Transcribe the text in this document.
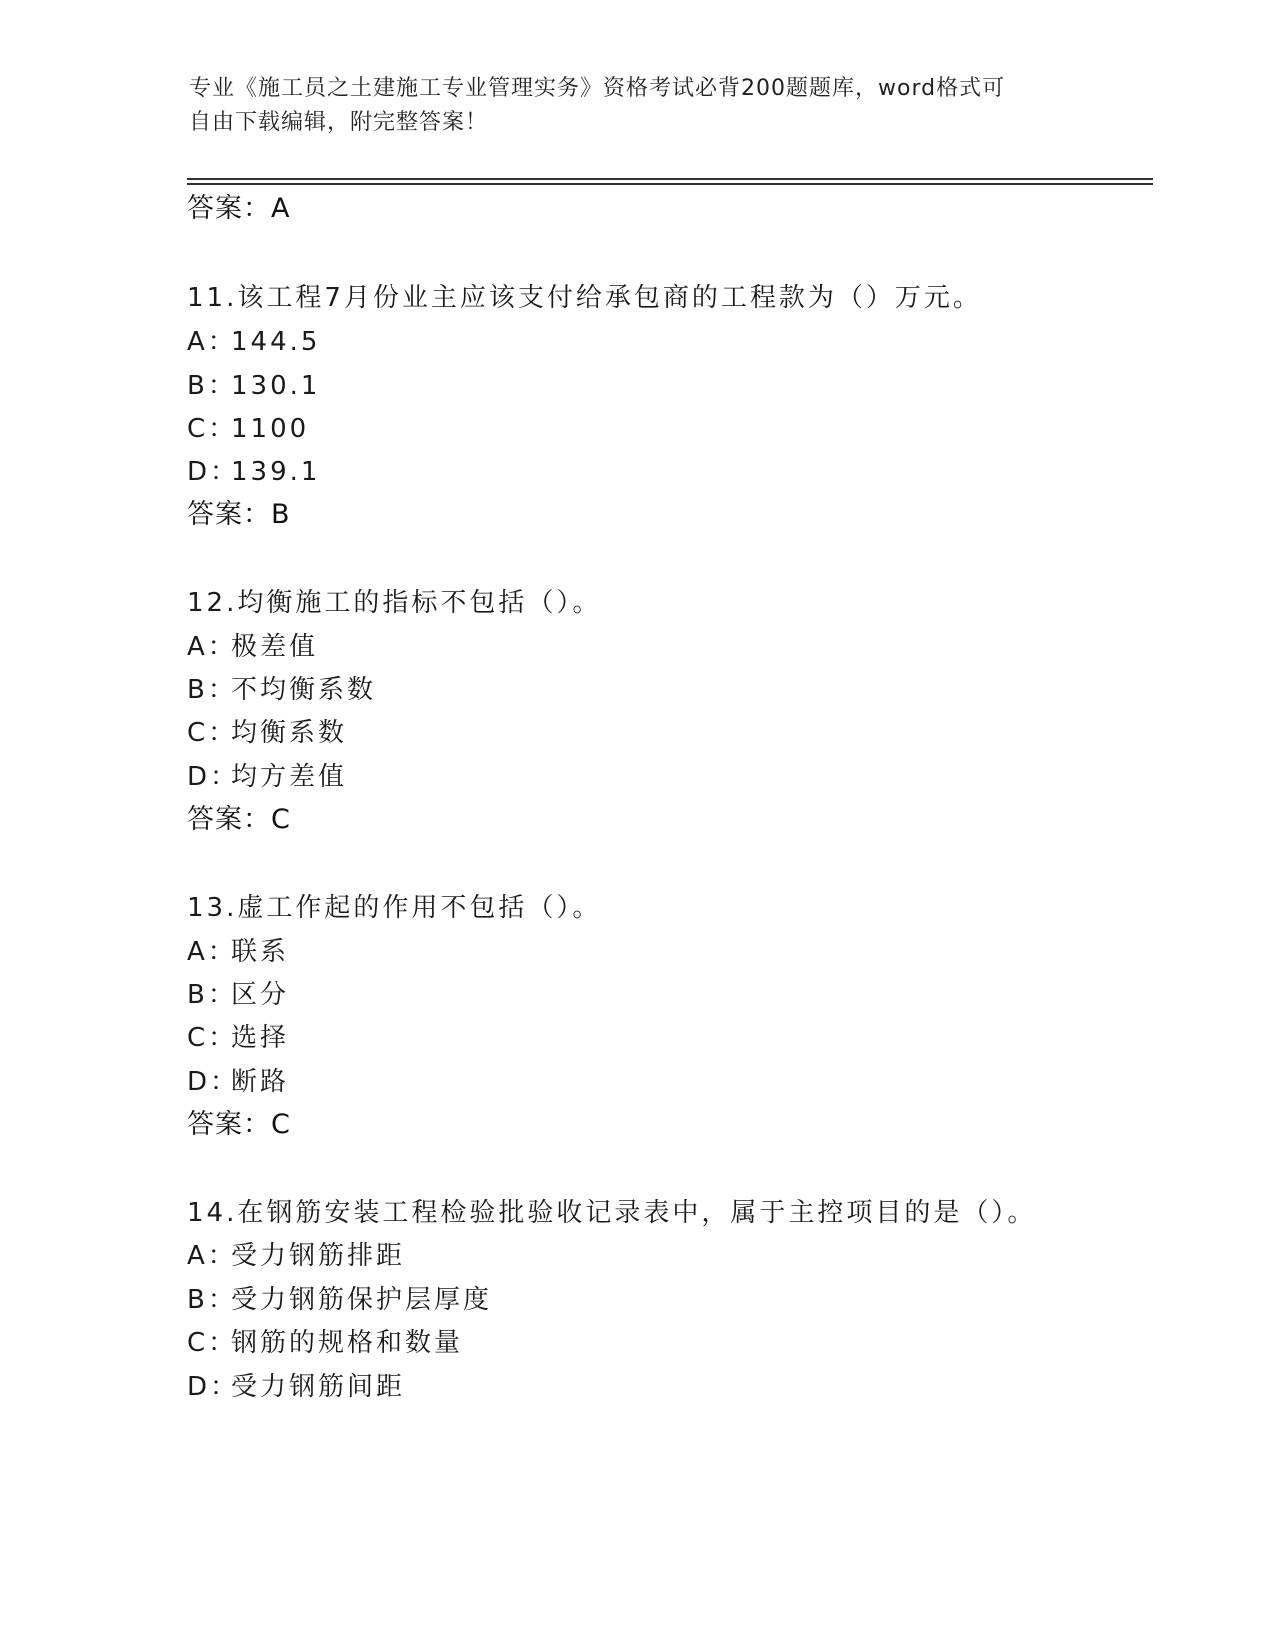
专业《施工员之土建施工专业管理实务》资格考试必背200题题库，word格式可
自由下载编辑，附完整答案！
答案：A
11.该工程7月份业主应该支付给承包商的工程款为（）万元。
A：144.5
B：130.1
C：1100
D：139.1
答案：B
12.均衡施工的指标不包括（）。
A：极差值
B：不均衡系数
C：均衡系数
D：均方差值
答案：C
13.虚工作起的作用不包括（）。
A：联系
B：区分
C：选择
D：断路
答案：C
14.在钢筋安装工程检验批验收记录表中，属于主控项目的是（）。
A：受力钢筋排距
B：受力钢筋保护层厚度
C：钢筋的规格和数量
D：受力钢筋间距
